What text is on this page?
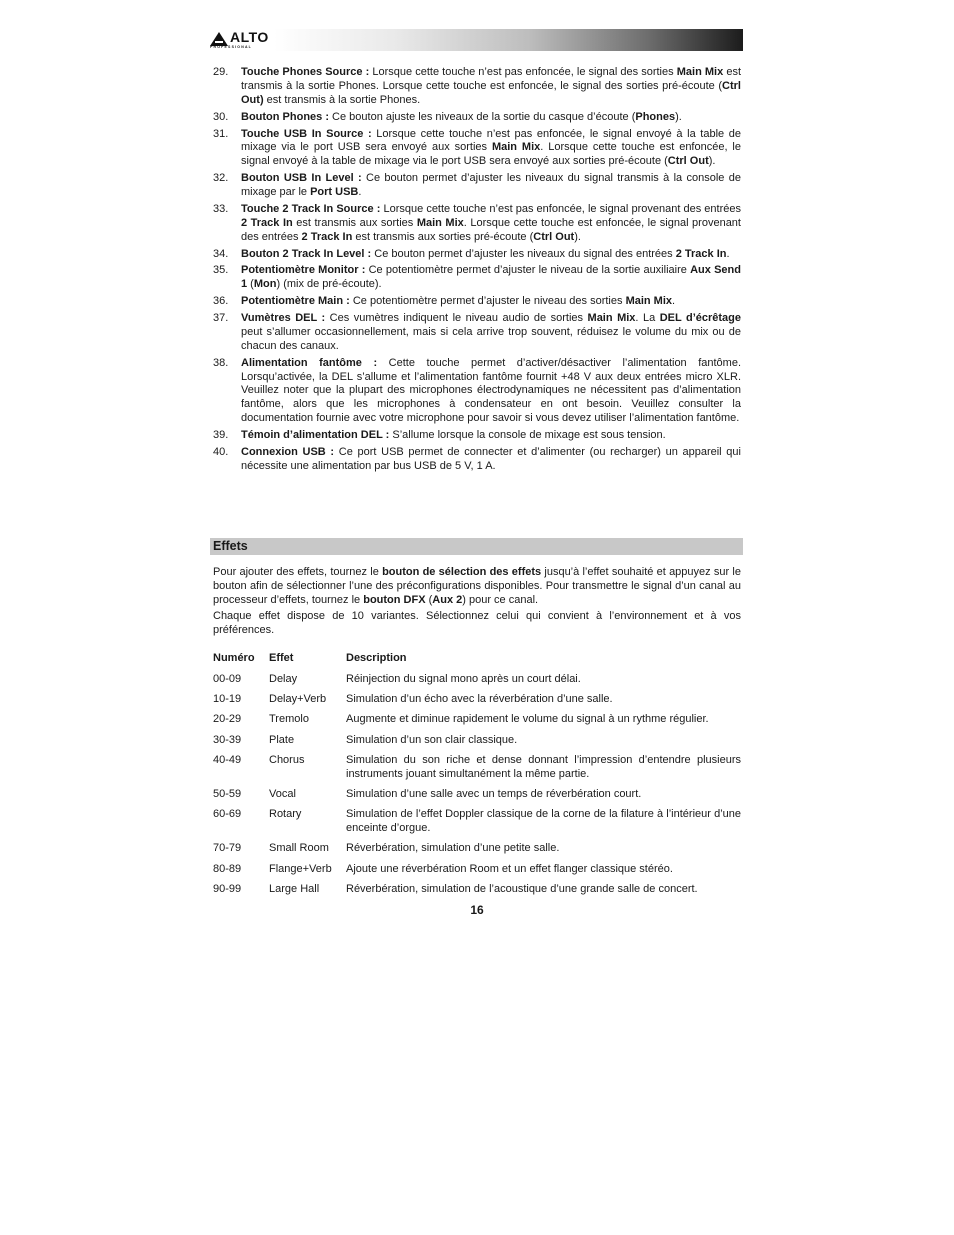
ALTO
PROFESSIONAL
29. Touche Phones Source : Lorsque cette touche n’est pas enfoncée, le signal des sorties Main Mix est transmis à la sortie Phones. Lorsque cette touche est enfoncée, le signal des sorties pré-écoute (Ctrl Out) est transmis à la sortie Phones.
30. Bouton Phones : Ce bouton ajuste les niveaux de la sortie du casque d’écoute (Phones).
31. Touche USB In Source : Lorsque cette touche n’est pas enfoncée, le signal envoyé à la table de mixage via le port USB sera envoyé aux sorties Main Mix. Lorsque cette touche est enfoncée, le signal envoyé à la table de mixage via le port USB sera envoyé aux sorties pré-écoute (Ctrl Out).
32. Bouton USB In Level : Ce bouton permet d’ajuster les niveaux du signal transmis à la console de mixage par le Port USB.
33. Touche 2 Track In Source : Lorsque cette touche n’est pas enfoncée, le signal provenant des entrées 2 Track In est transmis aux sorties Main Mix. Lorsque cette touche est enfoncée, le signal provenant des entrées 2 Track In est transmis aux sorties pré-écoute (Ctrl Out).
34. Bouton 2 Track In Level : Ce bouton permet d’ajuster les niveaux du signal des entrées 2 Track In.
35. Potentiomètre Monitor : Ce potentiomètre permet d’ajuster le niveau de la sortie auxiliaire Aux Send 1 (Mon) (mix de pré-écoute).
36. Potentiomètre Main : Ce potentiomètre permet d’ajuster le niveau des sorties Main Mix.
37. Vumètres DEL : Ces vumètres indiquent le niveau audio de sorties Main Mix. La DEL d’écrêtage peut s’allumer occasionnellement, mais si cela arrive trop souvent, réduisez le volume du mix ou de chacun des canaux.
38. Alimentation fantôme : Cette touche permet d’activer/désactiver l’alimentation fantôme. Lorsqu’activée, la DEL s’allume et l’alimentation fantôme fournit +48 V aux deux entrées micro XLR. Veuillez noter que la plupart des microphones électrodynamiques ne nécessitent pas d’alimentation fantôme, alors que les microphones à condensateur en ont besoin. Veuillez consulter la documentation fournie avec votre microphone pour savoir si vous devez utiliser l’alimentation fantôme.
39. Témoin d’alimentation DEL : S’allume lorsque la console de mixage est sous tension.
40. Connexion USB : Ce port USB permet de connecter et d’alimenter (ou recharger) un appareil qui nécessite une alimentation par bus USB de 5 V, 1 A.
Effets

Pour ajouter des effets, tournez le bouton de sélection des effets jusqu’à l’effet souhaité et appuyez sur le bouton afin de sélectionner l’une des préconfigurations disponibles. Pour transmettre le signal d’un canal au processeur d’effets, tournez le bouton DFX (Aux 2) pour ce canal.

Chaque effet dispose de 10 variantes. Sélectionnez celui qui convient à l’environnement et à vos préférences.

Numéro	Effet	Description
00-09	Delay	Réinjection du signal mono après un court délai.
10-19	Delay+Verb	Simulation d’un écho avec la réverbération d’une salle.
20-29	Tremolo	Augmente et diminue rapidement le volume du signal à un rythme régulier.
30-39	Plate	Simulation d’un son clair classique.
40-49	Chorus	Simulation du son riche et dense donnant l’impression d’entendre plusieurs instruments jouant simultanément la même partie.
50-59	Vocal	Simulation d’une salle avec un temps de réverbération court.
60-69	Rotary	Simulation de l’effet Doppler classique de la corne de la filature à l’intérieur d’une enceinte d’orgue.
70-79	Small Room	Réverbération, simulation d’une petite salle.
80-89	Flange+Verb	Ajoute une réverbération Room et un effet flanger classique stéréo.
90-99	Large Hall	Réverbération, simulation de l’acoustique d’une grande salle de concert.
16
